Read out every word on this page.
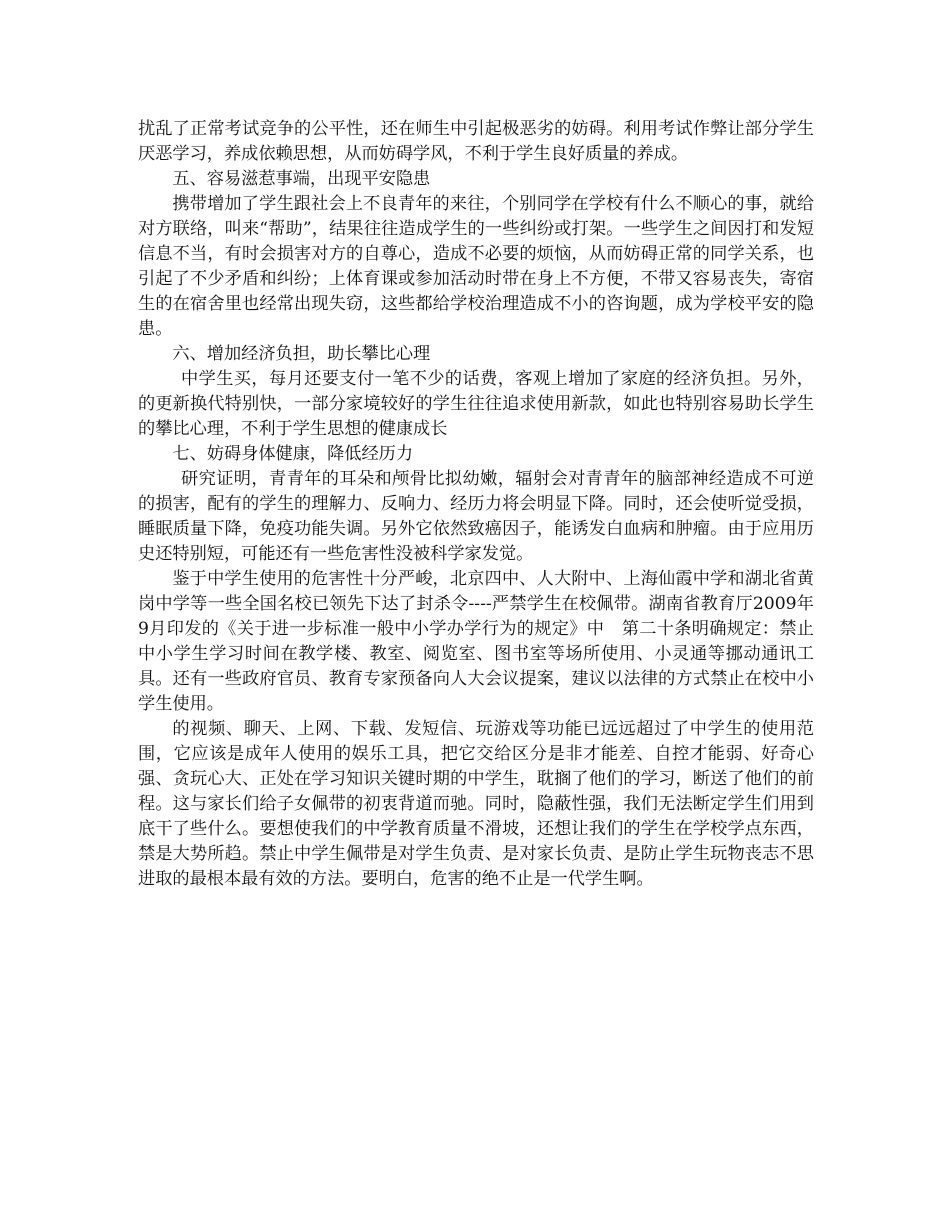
扰乱了正常考试竞争的公平性，还在师生中引起极恶劣的妨碍。利用考试作弊让部分学生厌恶学习，养成依赖思想，从而妨碍学风，不利于学生良好质量的养成。

五、容易滋惹事端，出现平安隐患

携带增加了学生跟社会上不良青年的来往，个别同学在学校有什么不顺心的事，就给对方联络，叫来“帮助”，结果往往造成学生的一些纠纷或打架。一些学生之间因打和发短信息不当，有时会损害对方的自尊心，造成不必要的烦恼，从而妨碍正常的同学关系，也引起了不少矛盾和纠纷；上体育课或参加活动时带在身上不方便，不带又容易丧失，寄宿生的在宿舍里也经常出现失窃，这些都给学校治理造成不小的咨询题，成为学校平安的隐患。

六、增加经济负担，助长攀比心理

中学生买，每月还要支付一笔不少的话费，客观上增加了家庭的经济负担。另外，的更新换代特别快，一部分家境较好的学生往往追求使用新款，如此也特别容易助长学生的攀比心理，不利于学生思想的健康成长

七、妨碍身体健康，降低经历力

研究证明，青青年的耳朵和颅骨比拟幼嫩，辐射会对青青年的脑部神经造成不可逆的损害，配有的学生的理解力、反响力、经历力将会明显下降。同时，还会使听觉受损，睡眠质量下降，免疫功能失调。另外它依然致癌因子，能诱发白血病和肿瘤。由于应用历史还特别短，可能还有一些危害性没被科学家发觉。

鉴于中学生使用的危害性十分严峻，北京四中、人大附中、上海仙霞中学和湖北省黄岗中学等一些全国名校已领先下达了封杀令----严禁学生在校佩带。湖南省教育厅2009年9月印发的《关于进一步标准一般中小学办学行为的规定》中　第二十条明确规定：禁止中小学生学习时间在教学楼、教室、阅览室、图书室等场所使用、小灵通等挪动通讯工具。还有一些政府官员、教育专家预备向人大会议提案，建议以法律的方式禁止在校中小学生使用。

的视频、聊天、上网、下载、发短信、玩游戏等功能已远远超过了中学生的使用范围，它应该是成年人使用的娱乐工具，把它交给区分是非才能差、自控才能弱、好奇心强、贪玩心大、正处在学习知识关键时期的中学生，耽搁了他们的学习，断送了他们的前程。这与家长们给子女佩带的初衷背道而驰。同时，隐蔽性强，我们无法断定学生们用到底干了些什么。要想使我们的中学教育质量不滑坡，还想让我们的学生在学校学点东西，禁是大势所趋。禁止中学生佩带是对学生负责、是对家长负责、是防止学生玩物丧志不思进取的最根本最有效的方法。要明白，危害的绝不止是一代学生啊。
